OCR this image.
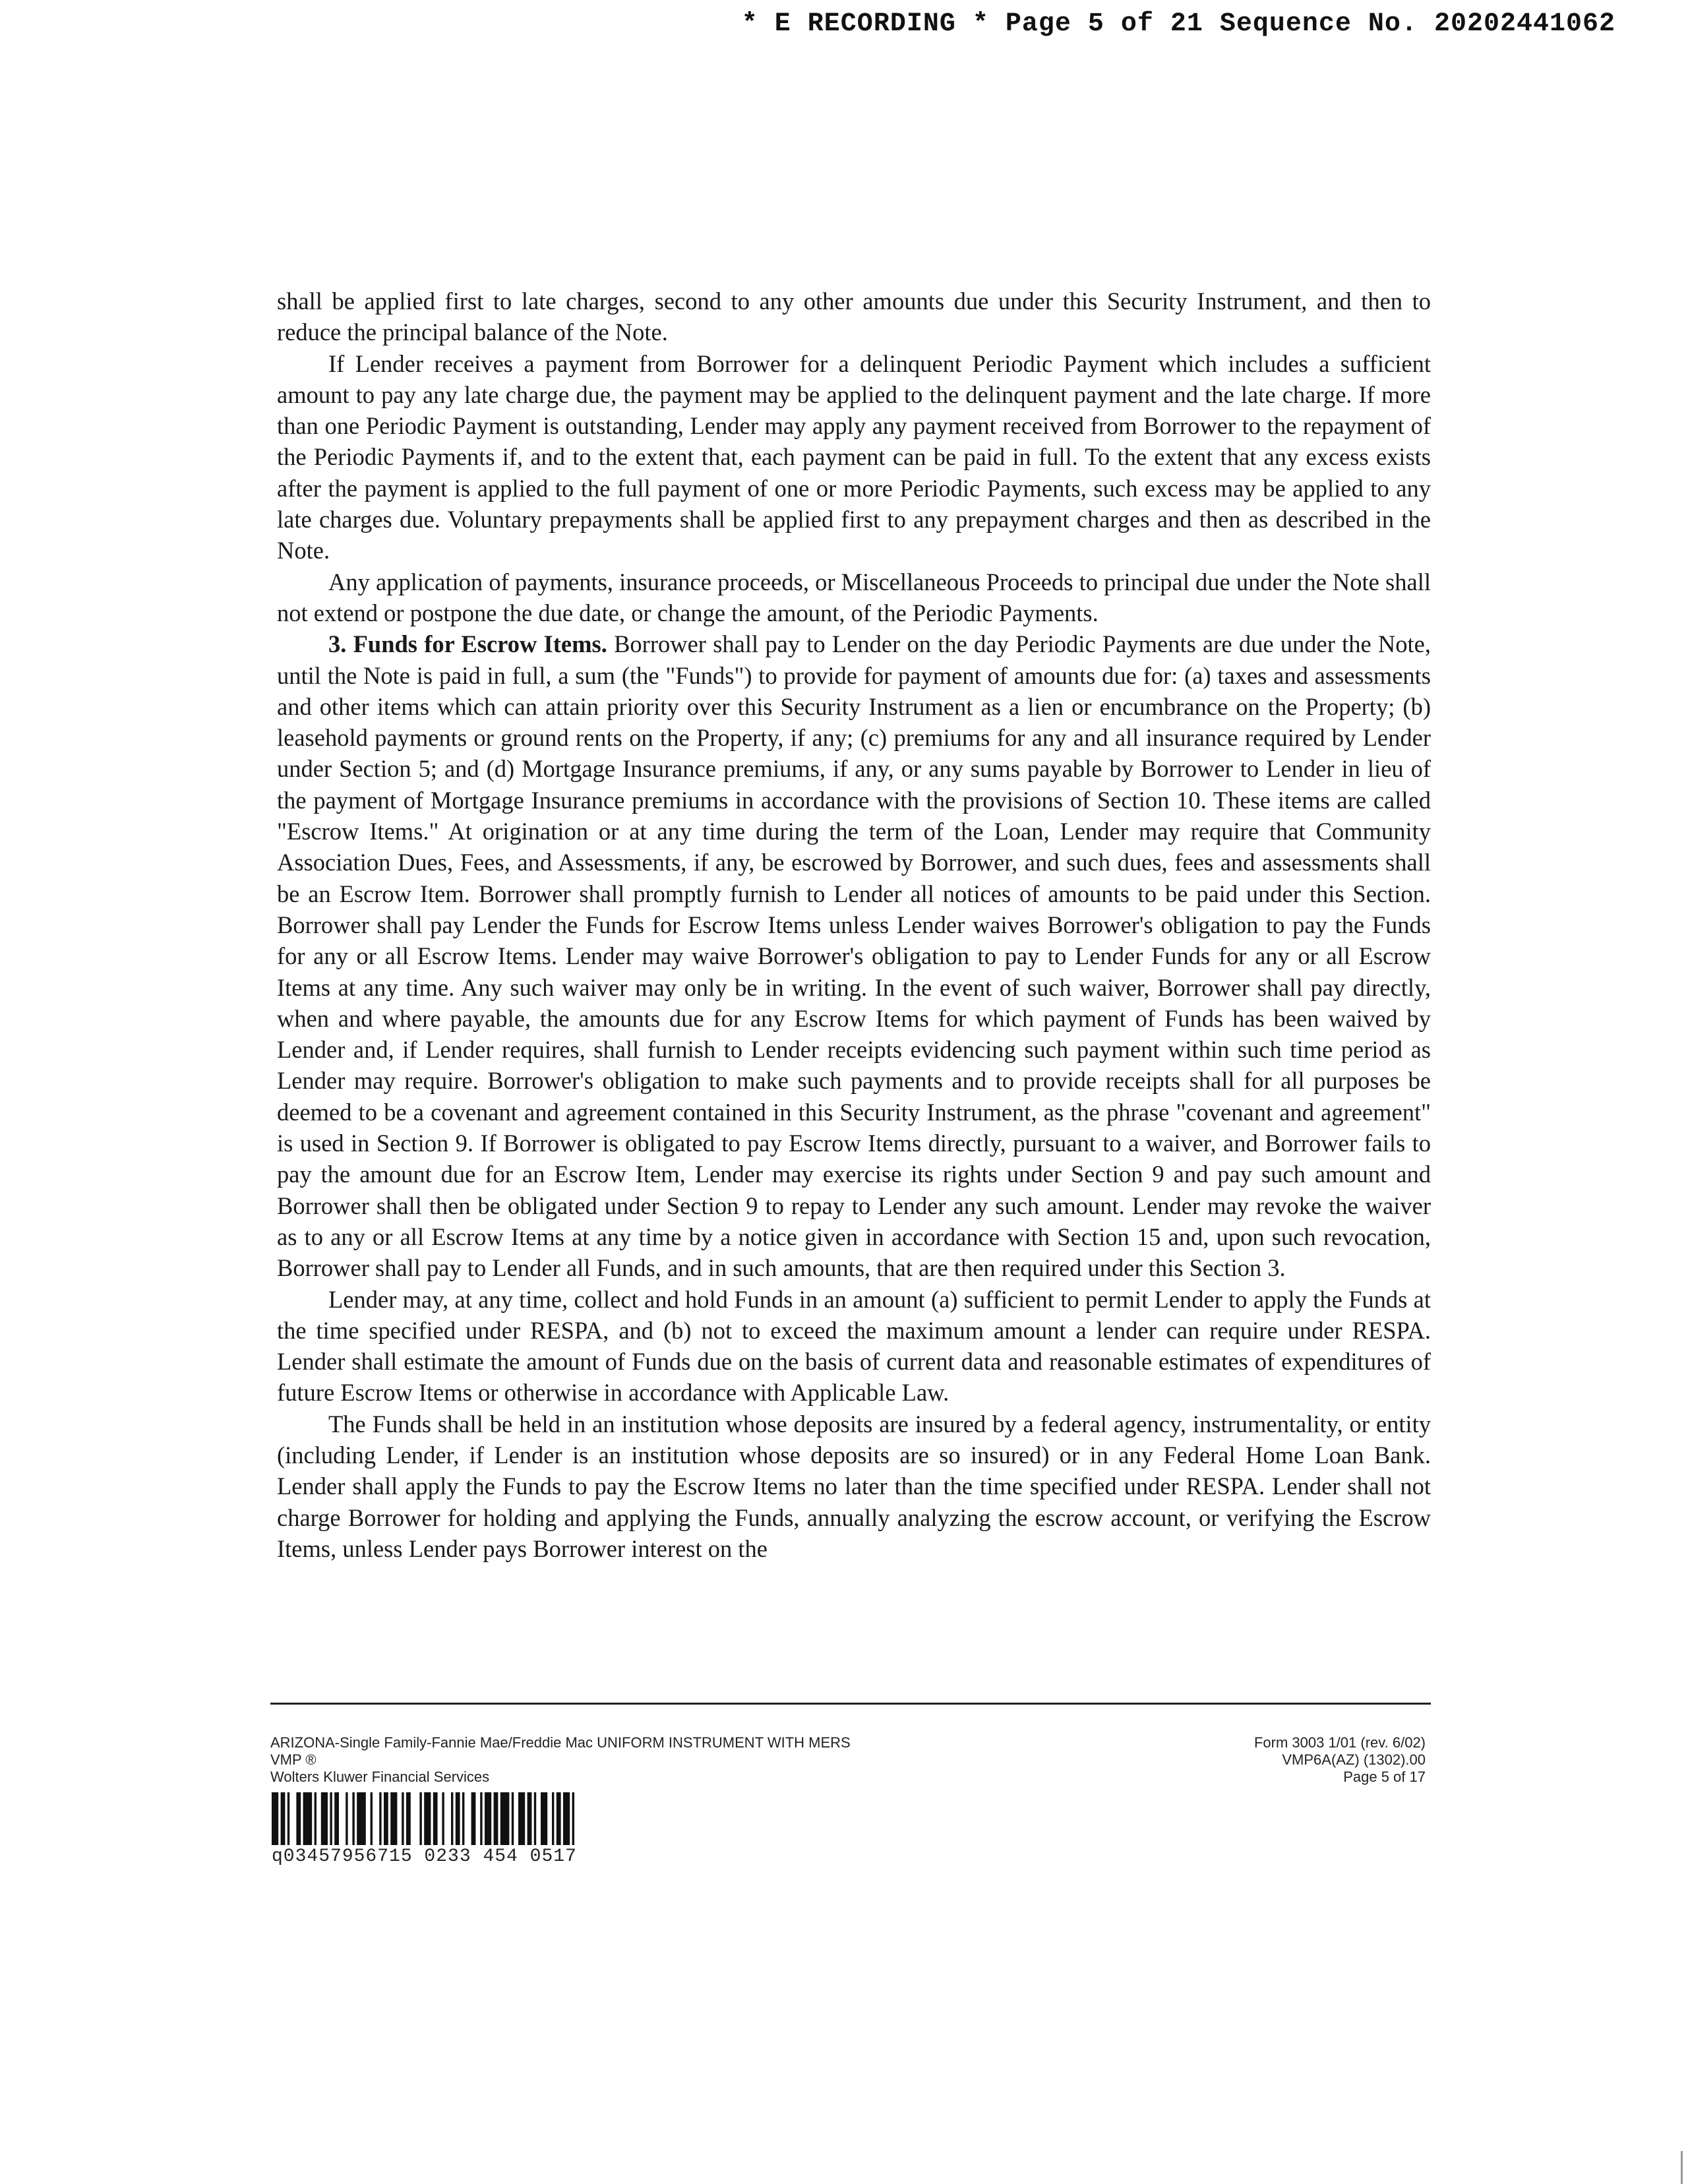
* E RECORDING * Page 5 of 21 Sequence No. 20202441062

shall be applied first to late charges, second to any other amounts due under this Security Instrument, and then to reduce the principal balance of the Note.

If Lender receives a payment from Borrower for a delinquent Periodic Payment which includes a sufficient amount to pay any late charge due, the payment may be applied to the delinquent payment and the late charge. If more than one Periodic Payment is outstanding, Lender may apply any payment received from Borrower to the repayment of the Periodic Payments if, and to the extent that, each payment can be paid in full. To the extent that any excess exists after the payment is applied to the full payment of one or more Periodic Payments, such excess may be applied to any late charges due. Voluntary prepayments shall be applied first to any prepayment charges and then as described in the Note.

Any application of payments, insurance proceeds, or Miscellaneous Proceeds to principal due under the Note shall not extend or postpone the due date, or change the amount, of the Periodic Payments.

3. Funds for Escrow Items. Borrower shall pay to Lender on the day Periodic Payments are due under the Note, until the Note is paid in full, a sum (the "Funds") to provide for payment of amounts due for: (a) taxes and assessments and other items which can attain priority over this Security Instrument as a lien or encumbrance on the Property; (b) leasehold payments or ground rents on the Property, if any; (c) premiums for any and all insurance required by Lender under Section 5; and (d) Mortgage Insurance premiums, if any, or any sums payable by Borrower to Lender in lieu of the payment of Mortgage Insurance premiums in accordance with the provisions of Section 10. These items are called "Escrow Items." At origination or at any time during the term of the Loan, Lender may require that Community Association Dues, Fees, and Assessments, if any, be escrowed by Borrower, and such dues, fees and assessments shall be an Escrow Item. Borrower shall promptly furnish to Lender all notices of amounts to be paid under this Section. Borrower shall pay Lender the Funds for Escrow Items unless Lender waives Borrower's obligation to pay the Funds for any or all Escrow Items. Lender may waive Borrower's obligation to pay to Lender Funds for any or all Escrow Items at any time. Any such waiver may only be in writing. In the event of such waiver, Borrower shall pay directly, when and where payable, the amounts due for any Escrow Items for which payment of Funds has been waived by Lender and, if Lender requires, shall furnish to Lender receipts evidencing such payment within such time period as Lender may require. Borrower's obligation to make such payments and to provide receipts shall for all purposes be deemed to be a covenant and agreement contained in this Security Instrument, as the phrase "covenant and agreement" is used in Section 9. If Borrower is obligated to pay Escrow Items directly, pursuant to a waiver, and Borrower fails to pay the amount due for an Escrow Item, Lender may exercise its rights under Section 9 and pay such amount and Borrower shall then be obligated under Section 9 to repay to Lender any such amount. Lender may revoke the waiver as to any or all Escrow Items at any time by a notice given in accordance with Section 15 and, upon such revocation, Borrower shall pay to Lender all Funds, and in such amounts, that are then required under this Section 3.

Lender may, at any time, collect and hold Funds in an amount (a) sufficient to permit Lender to apply the Funds at the time specified under RESPA, and (b) not to exceed the maximum amount a lender can require under RESPA. Lender shall estimate the amount of Funds due on the basis of current data and reasonable estimates of expenditures of future Escrow Items or otherwise in accordance with Applicable Law.

The Funds shall be held in an institution whose deposits are insured by a federal agency, instrumentality, or entity (including Lender, if Lender is an institution whose deposits are so insured) or in any Federal Home Loan Bank. Lender shall apply the Funds to pay the Escrow Items no later than the time specified under RESPA. Lender shall not charge Borrower for holding and applying the Funds, annually analyzing the escrow account, or verifying the Escrow Items, unless Lender pays Borrower interest on the

ARIZONA-Single Family-Fannie Mae/Freddie Mac UNIFORM INSTRUMENT WITH MERS
VMP ®
Wolters Kluwer Financial Services
Form 3003 1/01 (rev. 6/02)
VMP6A(AZ) (1302).00
Page 5 of 17
q03457956715 0233 454 0517
